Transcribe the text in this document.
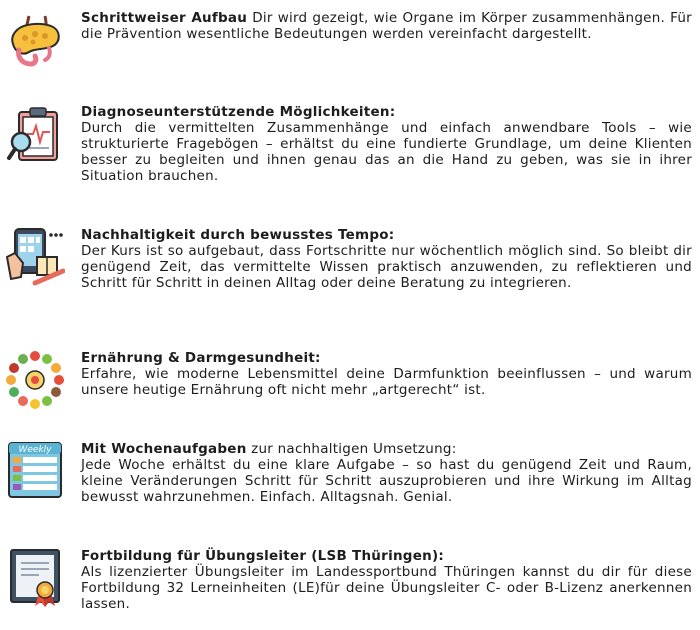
Schrittweiser Aufbau Dir wird gezeigt, wie Organe im Körper zusammenhängen. Für die Prävention wesentliche Bedeutungen werden vereinfacht dargestellt.
Diagnoseunterstützende Möglichkeiten:
Durch die vermittelten Zusammenhänge und einfach anwendbare Tools – wie strukturierte Fragebögen – erhältst du eine fundierte Grundlage, um deine Klienten besser zu begleiten und ihnen genau das an die Hand zu geben, was sie in ihrer Situation brauchen.
Nachhaltigkeit durch bewusstes Tempo:
Der Kurs ist so aufgebaut, dass Fortschritte nur wöchentlich möglich sind. So bleibt dir genügend Zeit, das vermittelte Wissen praktisch anzuwenden, zu reflektieren und Schritt für Schritt in deinen Alltag oder deine Beratung zu integrieren.
Ernährung & Darmgesundheit:
Erfahre, wie moderne Lebensmittel deine Darmfunktion beeinflussen – und warum unsere heutige Ernährung oft nicht mehr „artgerecht“ ist.
Weekly Mit Wochenaufgaben zur nachhaltigen Umsetzung:
Jede Woche erhältst du eine klare Aufgabe – so hast du genügend Zeit und Raum, kleine Veränderungen Schritt für Schritt auszuprobieren und ihre Wirkung im Alltag bewusst wahrzunehmen. Einfach. Alltagsnah. Genial.
Fortbildung für Übungsleiter (LSB Thüringen):
Als lizenzierter Übungsleiter im Landessportbund Thüringen kannst du dir für diese Fortbildung 32 Lerneinheiten (LE)für deine Übungsleiter C- oder B-Lizenz anerkennen lassen.
